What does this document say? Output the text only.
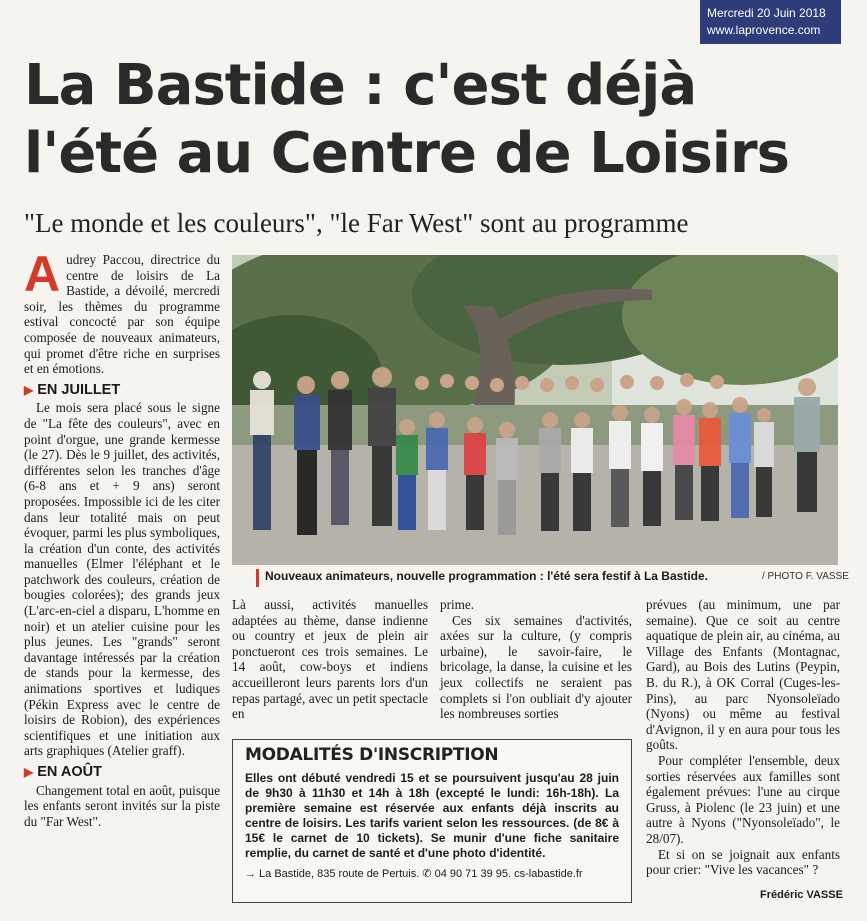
Mercredi 20 Juin 2018
www.laprovence.com
La Bastide : c'est déjà l'été au Centre de Loisirs
"Le monde et les couleurs", "le Far West" sont au programme

Audrey Paccou, directrice du centre de loisirs de La Bastide, a dévoilé, mercredi soir, les thèmes du programme estival concocté par son équipe composée de nouveaux animateurs, qui promet d'être riche en surprises et en émotions.

▶ EN JUILLET

Le mois sera placé sous le signe de "La fête des couleurs", avec en point d'orgue, une grande kermesse (le 27). Dès le 9 juillet, des activités, différentes selon les tranches d'âge (6-8 ans et + 9 ans) seront proposées. Impossible ici de les citer dans leur totalité mais on peut évoquer, parmi les plus symboliques, la création d'un conte, des activités manuelles (Elmer l'éléphant et le patchwork des couleurs, création de bougies colorées); des grands jeux (L'arc-en-ciel a disparu, L'homme en noir) et un atelier cuisine pour les plus jeunes. Les "grands" seront davantage intéressés par la création de stands pour la kermesse, des animations sportives et ludiques (Pékin Express avec le centre de loisirs de Robion), des expériences scientifiques et une initiation aux arts graphiques (Atelier graff).

▶ EN AOÛT

Changement total en août, puisque les enfants seront invités sur la piste du "Far West".

Nouveaux animateurs, nouvelle programmation : l'été sera festif à La Bastide.	/ PHOTO F. VASSE

Là aussi, activités manuelles adaptées au thème, danse indienne ou country et jeux de plein air ponctueront ces trois semaines. Le 14 août, cow-boys et indiens accueilleront leurs parents lors d'un repas partagé, avec un petit spectacle en

prime.

Ces six semaines d'activités, axées sur la culture, (y compris urbaine), le savoir-faire, le bricolage, la danse, la cuisine et les jeux collectifs ne seraient pas complets si l'on oubliait d'y ajouter les nombreuses sorties

prévues (au minimum, une par semaine). Que ce soit au centre aquatique de plein air, au cinéma, au Village des Enfants (Montagnac, Gard), au Bois des Lutins (Peypin, B. du R.), à OK Corral (Cuges-les-Pins), au parc Nyonsoleïado (Nyons) ou même au festival d'Avignon, il y en aura pour tous les goûts.

Pour compléter l'ensemble, deux sorties réservées aux familles sont également prévues: l'une au cirque Gruss, à Piolenc (le 23 juin) et une autre à Nyons ("Nyonsoleïado", le 28/07).

Et si on se joignait aux enfants pour crier: "Vive les vacances" ?

MODALITÉS D'INSCRIPTION
Elles ont débuté vendredi 15 et se poursuivent jusqu'au 28 juin de 9h30 à 11h30 et 14h à 18h (excepté le lundi: 16h-18h). La première semaine est réservée aux enfants déjà inscrits au centre de loisirs. Les tarifs varient selon les ressources. (de 8€ à 15€ le carnet de 10 tickets). Se munir d'une fiche sanitaire remplie, du carnet de santé et d'une photo d'identité.
→ La Bastide, 835 route de Pertuis. ✆ 04 90 71 39 95. cs-labastide.fr
Frédéric VASSE
